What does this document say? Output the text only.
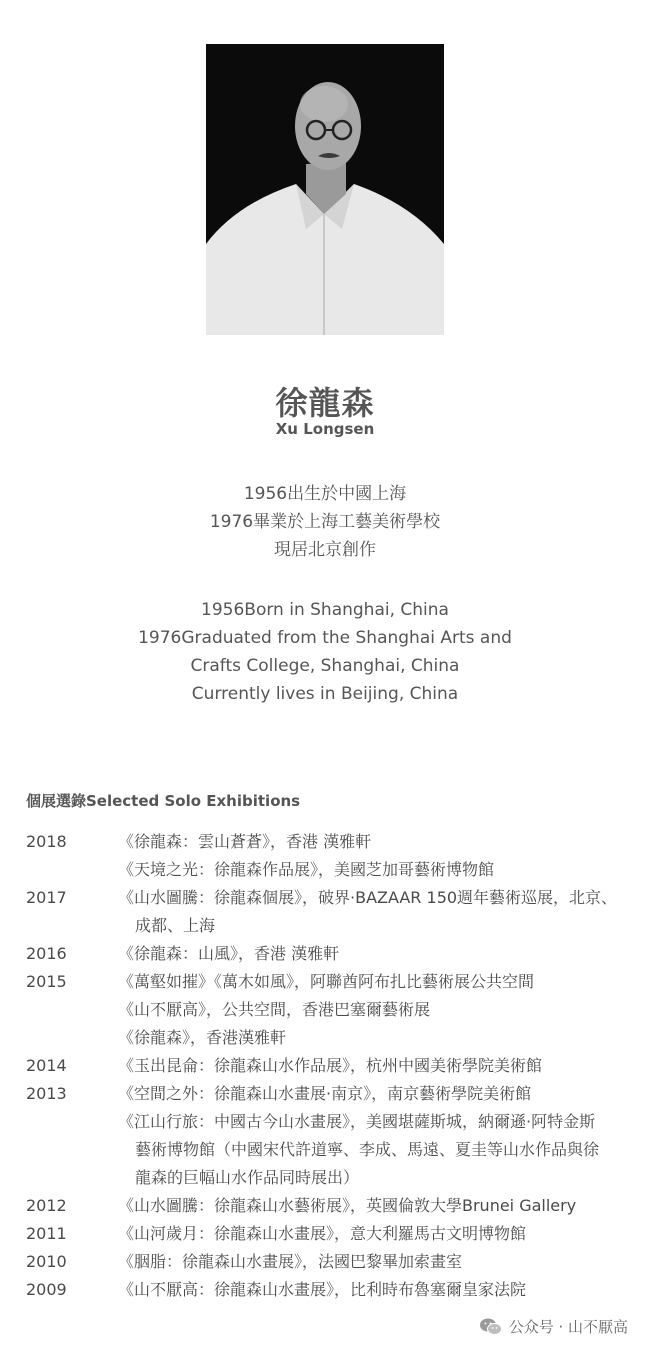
徐龍森
Xu Longsen
1956出生於中國上海
1976畢業於上海工藝美術學校
現居北京創作
1956Born in Shanghai, China
1976Graduated from the Shanghai Arts and
Crafts College, Shanghai, China
Currently lives in Beijing, China
個展選錄Selected Solo Exhibitions
2018	《徐龍森：雲山蒼蒼》，香港 漢雅軒
《天境之光：徐龍森作品展》，美國芝加哥藝術博物館
2017	《山水圖騰：徐龍森個展》，破界·BAZAAR 150週年藝術巡展，北京、
成都、上海
2016	《徐龍森：山風》，香港 漢雅軒
2015	《萬壑如摧》《萬木如風》，阿聯酋阿布扎比藝術展公共空間
《山不厭高》，公共空間，香港巴塞爾藝術展
《徐龍森》，香港漢雅軒
2014	《玉出昆侖：徐龍森山水作品展》，杭州中國美術學院美術館
2013	《空間之外：徐龍森山水畫展·南京》，南京藝術學院美術館
《江山行旅：中國古今山水畫展》，美國堪薩斯城，納爾遜·阿特金斯
藝術博物館（中國宋代許道寧、李成、馬遠、夏圭等山水作品與徐
龍森的巨幅山水作品同時展出）
2012	《山水圖騰：徐龍森山水藝術展》，英國倫敦大學Brunei Gallery
2011	《山河歲月：徐龍森山水畫展》，意大利羅馬古文明博物館
2010	《胭脂：徐龍森山水畫展》，法國巴黎畢加索畫室
2009	《山不厭高：徐龍森山水畫展》，比利時布魯塞爾皇家法院
公众号 · 山不厭高
